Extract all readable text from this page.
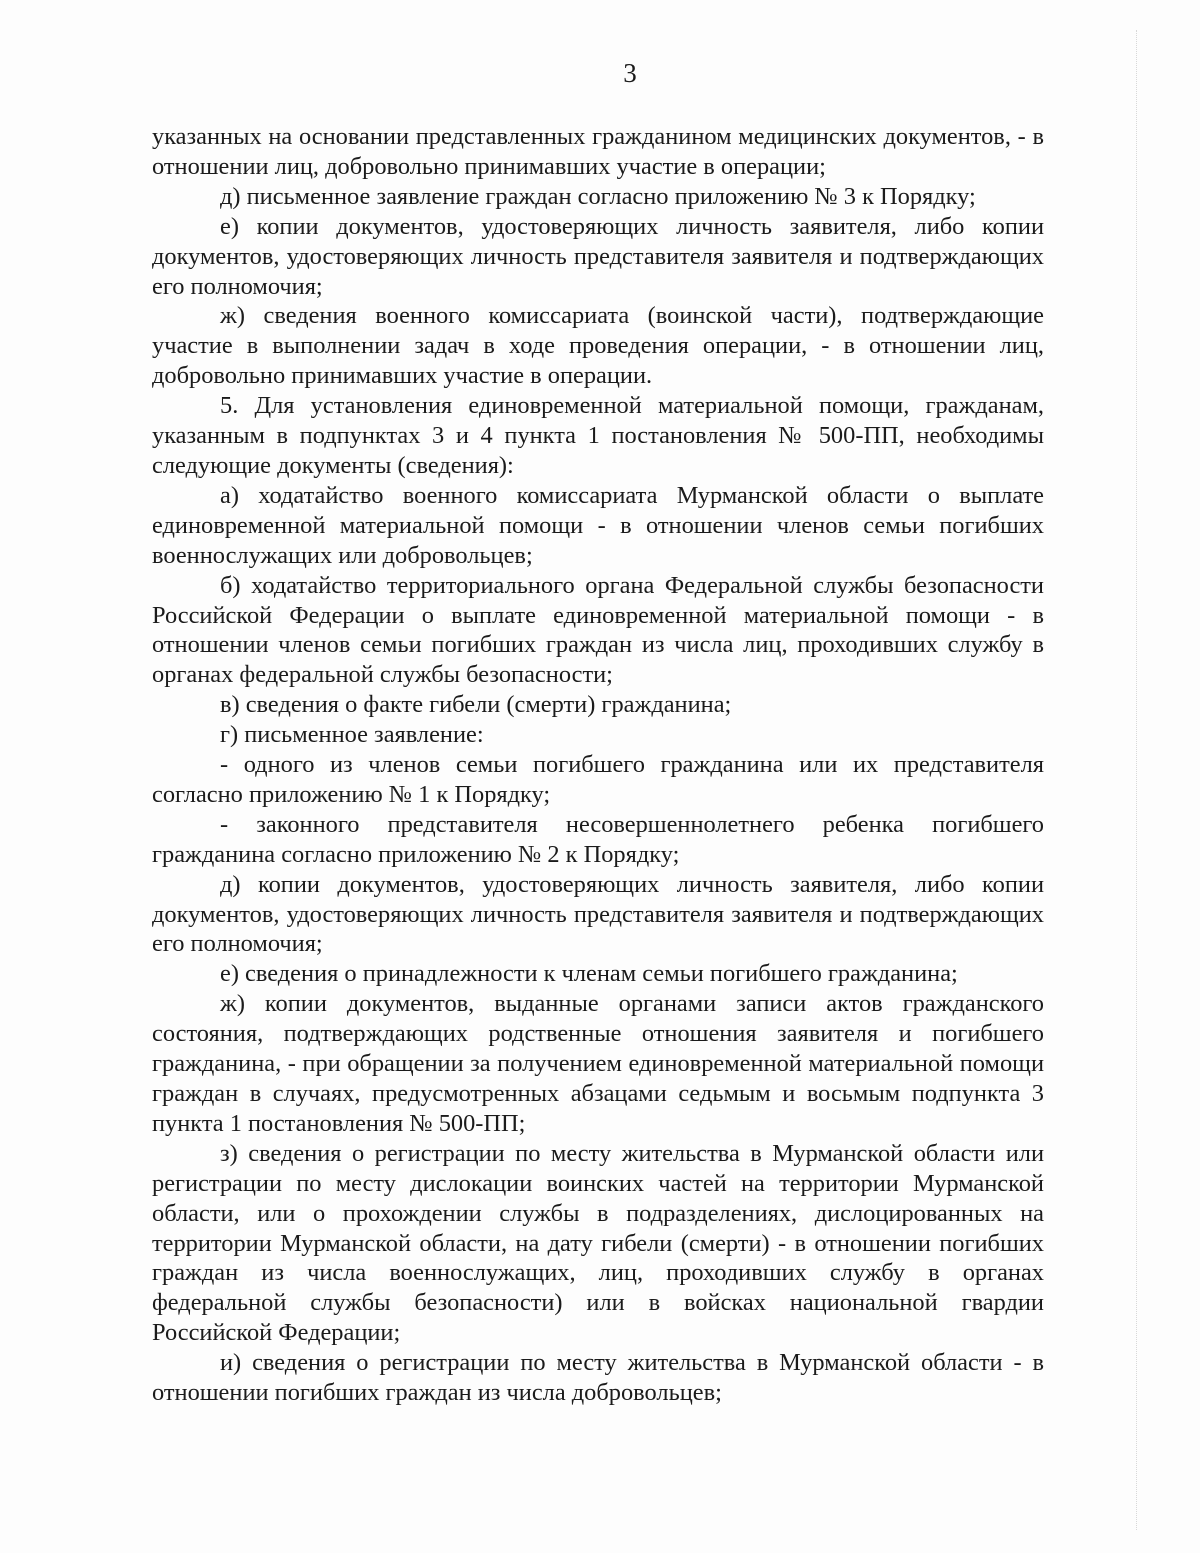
3

указанных на основании представленных гражданином медицинских документов, - в отношении лиц, добровольно принимавших участие в операции;

д) письменное заявление граждан согласно приложению № 3 к Порядку;

е) копии документов, удостоверяющих личность заявителя, либо копии документов, удостоверяющих личность представителя заявителя и подтверждающих его полномочия;

ж) сведения военного комиссариата (воинской части), подтверждающие участие в выполнении задач в ходе проведения операции, - в отношении лиц, добровольно принимавших участие в операции.

5. Для установления единовременной материальной помощи, гражданам, указанным в подпунктах 3 и 4 пункта 1 постановления № 500-ПП, необходимы следующие документы (сведения):

а) ходатайство военного комиссариата Мурманской области о выплате единовременной материальной помощи - в отношении членов семьи погибших военнослужащих или добровольцев;

б) ходатайство территориального органа Федеральной службы безопасности Российской Федерации о выплате единовременной материальной помощи - в отношении членов семьи погибших граждан из числа лиц, проходивших службу в органах федеральной службы безопасности;

в) сведения о факте гибели (смерти) гражданина;

г) письменное заявление:

- одного из членов семьи погибшего гражданина или их представителя согласно приложению № 1 к Порядку;

- законного представителя несовершеннолетнего ребенка погибшего гражданина согласно приложению № 2 к Порядку;

д) копии документов, удостоверяющих личность заявителя, либо копии документов, удостоверяющих личность представителя заявителя и подтверждающих его полномочия;

е) сведения о принадлежности к членам семьи погибшего гражданина;

ж) копии документов, выданные органами записи актов гражданского состояния, подтверждающих родственные отношения заявителя и погибшего гражданина, - при обращении за получением единовременной материальной помощи граждан в случаях, предусмотренных абзацами седьмым и восьмым подпункта 3 пункта 1 постановления № 500-ПП;

з) сведения о регистрации по месту жительства в Мурманской области или регистрации по месту дислокации воинских частей на территории Мурманской области, или о прохождении службы в подразделениях, дислоцированных на территории Мурманской области, на дату гибели (смерти) - в отношении погибших граждан из числа военнослужащих, лиц, проходивших службу в органах федеральной службы безопасности) или в войсках национальной гвардии Российской Федерации;

и) сведения о регистрации по месту жительства в Мурманской области - в отношении погибших граждан из числа добровольцев;
